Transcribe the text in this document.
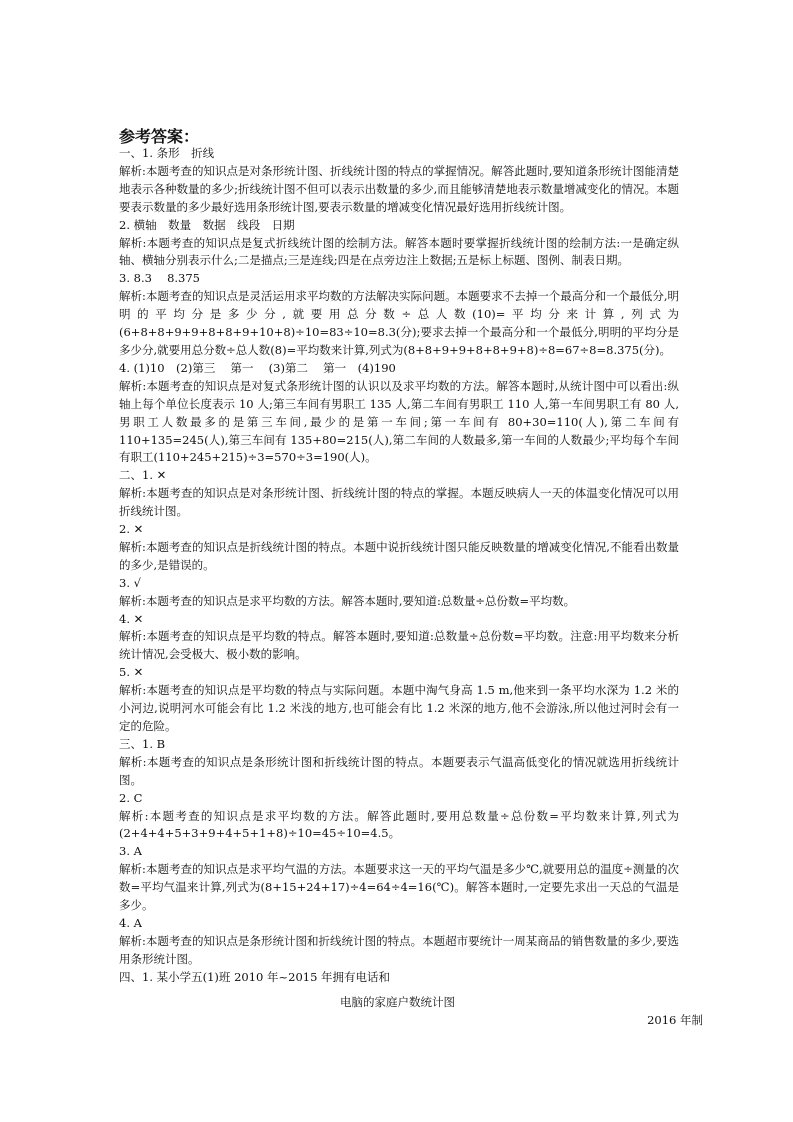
参考答案：
一、1. 条形　折线
解析:本题考查的知识点是对条形统计图、折线统计图的特点的掌握情况。解答此题时,要知道条形统计图能清楚地表示各种数量的多少;折线统计图不但可以表示出数量的多少,而且能够清楚地表示数量增减变化的情况。本题要表示数量的多少最好选用条形统计图,要表示数量的增减变化情况最好选用折线统计图。
2. 横轴　数量　数据　线段　日期
解析:本题考查的知识点是复式折线统计图的绘制方法。解答本题时要掌握折线统计图的绘制方法:一是确定纵轴、横轴分别表示什么;二是描点;三是连线;四是在点旁边注上数据;五是标上标题、图例、制表日期。
3. 8.3　 8.375
解析:本题考查的知识点是灵活运用求平均数的方法解决实际问题。本题要求不去掉一个最高分和一个最低分,明明的平均分是多少分,就要用总分数÷总人数(10)=平均分来计算,列式为(6+8+8+9+9+8+8+9+10+8)÷10=83÷10=8.3(分);要求去掉一个最高分和一个最低分,明明的平均分是多少分,就要用总分数÷总人数(8)=平均数来计算,列式为(8+8+9+9+8+8+9+8)÷8=67÷8=8.375(分)。
4. (1)10　(2)第三　 第一　 (3)第二　 第一　(4)190
解析:本题考查的知识点是对复式条形统计图的认识以及求平均数的方法。解答本题时,从统计图中可以看出:纵轴上每个单位长度表示 10 人;第三车间有男职工 135 人,第二车间有男职工 110 人,第一车间男职工有 80 人,男职工人数最多的是第三车间,最少的是第一车间;第一车间有 80+30=110(人),第二车间有110+135=245(人),第三车间有 135+80=215(人),第二车间的人数最多,第一车间的人数最少;平均每个车间有职工(110+245+215)÷3=570÷3=190(人)。
二、1. ✕
解析:本题考查的知识点是对条形统计图、折线统计图的特点的掌握。本题反映病人一天的体温变化情况可以用折线统计图。
2. ✕
解析:本题考查的知识点是折线统计图的特点。本题中说折线统计图只能反映数量的增减变化情况,不能看出数量的多少,是错误的。
3. √
解析:本题考查的知识点是求平均数的方法。解答本题时,要知道:总数量÷总份数=平均数。
4. ✕
解析:本题考查的知识点是平均数的特点。解答本题时,要知道:总数量÷总份数=平均数。注意:用平均数来分析统计情况,会受极大、极小数的影响。
5. ✕
解析:本题考查的知识点是平均数的特点与实际问题。本题中淘气身高 1.5 m,他来到一条平均水深为 1.2 米的小河边,说明河水可能会有比 1.2 米浅的地方,也可能会有比 1.2 米深的地方,他不会游泳,所以他过河时会有一定的危险。
三、1. B
解析:本题考查的知识点是条形统计图和折线统计图的特点。本题要表示气温高低变化的情况就选用折线统计图。
2. C
解析:本题考查的知识点是求平均数的方法。解答此题时,要用总数量÷总份数=平均数来计算,列式为(2+4+4+5+3+9+4+5+1+8)÷10=45÷10=4.5。
3. A
解析:本题考查的知识点是求平均气温的方法。本题要求这一天的平均气温是多少℃,就要用总的温度÷测量的次数=平均气温来计算,列式为(8+15+24+17)÷4=64÷4=16(℃)。解答本题时,一定要先求出一天总的气温是多少。
4. A
解析:本题考查的知识点是条形统计图和折线统计图的特点。本题超市要统计一周某商品的销售数量的多少,要选用条形统计图。
四、1. 某小学五(1)班 2010 年~2015 年拥有电话和
电脑的家庭户数统计图
2016 年制
